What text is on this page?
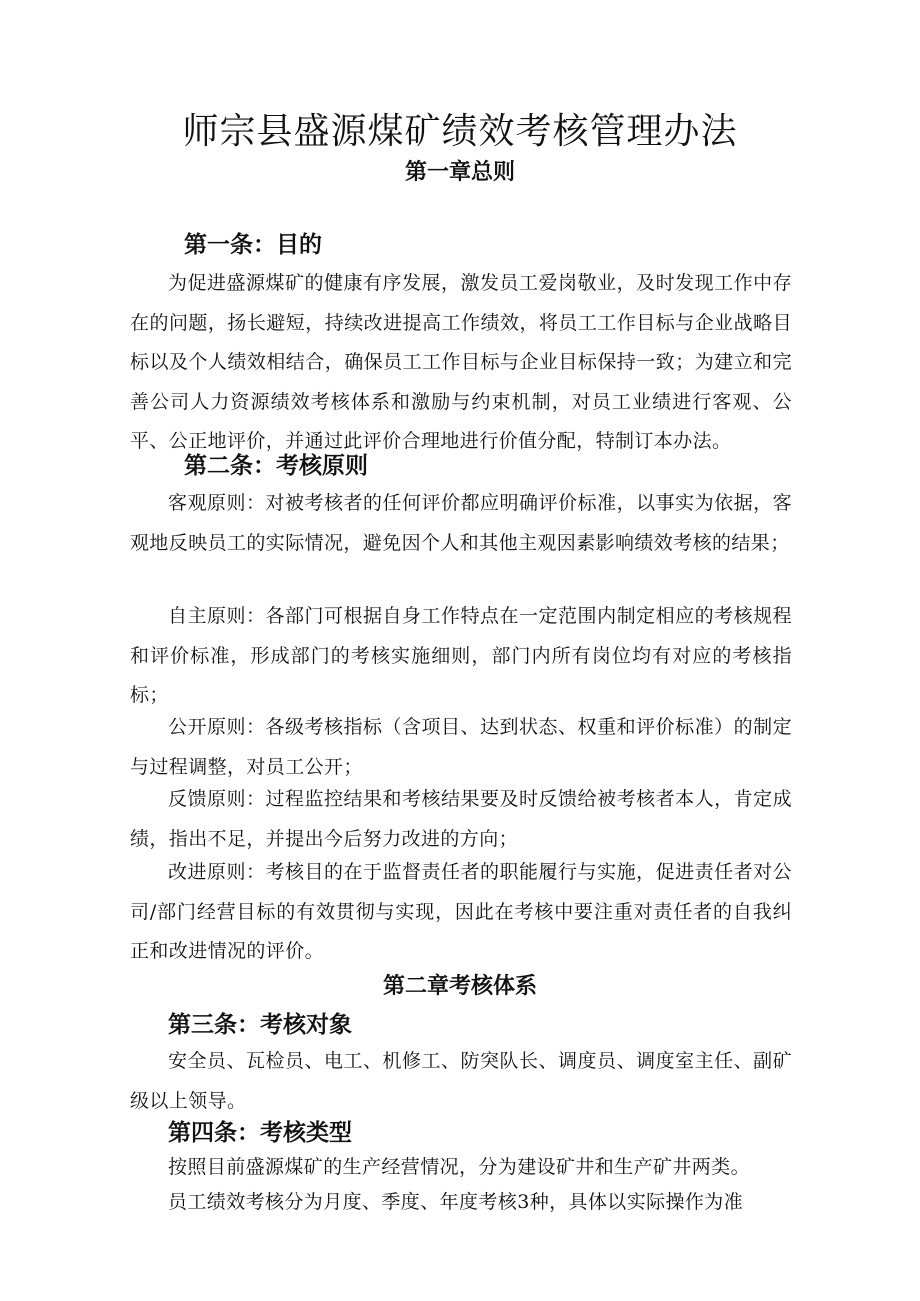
师宗县盛源煤矿绩效考核管理办法
第一章总则
第一条：目的

为促进盛源煤矿的健康有序发展，激发员工爱岗敬业，及时发现工作中存在的问题，扬长避短，持续改进提高工作绩效，将员工工作目标与企业战略目标以及个人绩效相结合，确保员工工作目标与企业目标保持一致；为建立和完善公司人力资源绩效考核体系和激励与约束机制，对员工业绩进行客观、公平、公正地评价，并通过此评价合理地进行价值分配，特制订本办法。

第二条：考核原则

客观原则：对被考核者的任何评价都应明确评价标准，以事实为依据，客观地反映员工的实际情况，避免因个人和其他主观因素影响绩效考核的结果；

自主原则：各部门可根据自身工作特点在一定范围内制定相应的考核规程和评价标准，形成部门的考核实施细则，部门内所有岗位均有对应的考核指标；

公开原则：各级考核指标（含项目、达到状态、权重和评价标准）的制定与过程调整，对员工公开；

反馈原则：过程监控结果和考核结果要及时反馈给被考核者本人，肯定成绩，指出不足，并提出今后努力改进的方向；

改进原则：考核目的在于监督责任者的职能履行与实施，促进责任者对公司/部门经营目标的有效贯彻与实现，因此在考核中要注重对责任者的自我纠正和改进情况的评价。

第二章考核体系
第三条：考核对象

安全员、瓦检员、电工、机修工、防突队长、调度员、调度室主任、副矿级以上领导。

第四条：考核类型

按照目前盛源煤矿的生产经营情况，分为建设矿井和生产矿井两类。

员工绩效考核分为月度、季度、年度考核3种，具体以实际操作为准
